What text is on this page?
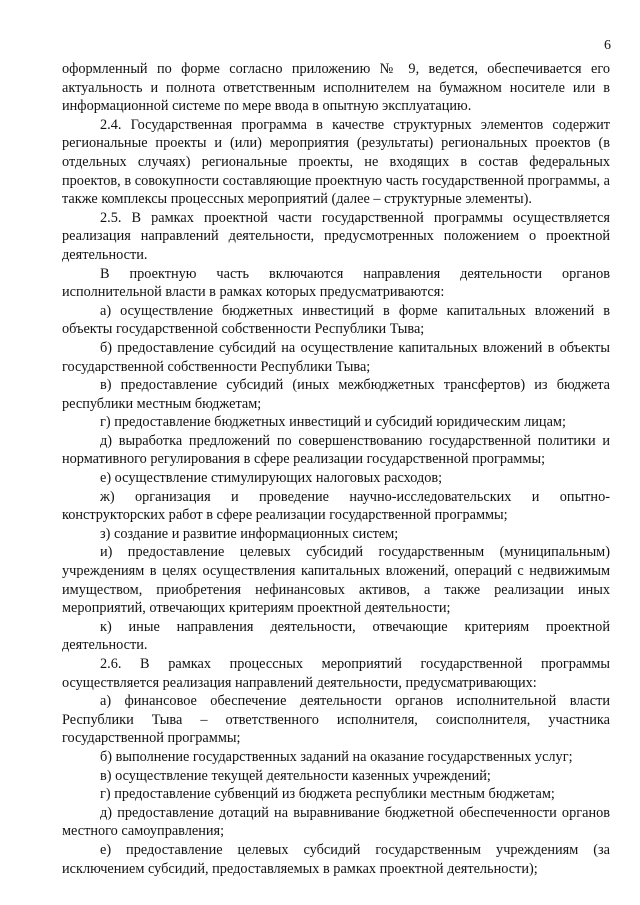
6

оформленный по форме согласно приложению № 9, ведется, обеспечивается его актуальность и полнота ответственным исполнителем на бумажном носителе или в информационной системе по мере ввода в опытную эксплуатацию.

2.4. Государственная программа в качестве структурных элементов содержит региональные проекты и (или) мероприятия (результаты) региональных проектов (в отдельных случаях) региональные проекты, не входящих в состав федеральных проектов, в совокупности составляющие проектную часть государственной программы, а также комплексы процессных мероприятий (далее – структурные элементы).

2.5. В рамках проектной части государственной программы осуществляется реализация направлений деятельности, предусмотренных положением о проектной деятельности.

В проектную часть включаются направления деятельности органов исполнительной власти в рамках которых предусматриваются:

а) осуществление бюджетных инвестиций в форме капитальных вложений в объекты государственной собственности Республики Тыва;

б) предоставление субсидий на осуществление капитальных вложений в объекты государственной собственности Республики Тыва;

в) предоставление субсидий (иных межбюджетных трансфертов) из бюджета республики местным бюджетам;

г) предоставление бюджетных инвестиций и субсидий юридическим лицам;

д) выработка предложений по совершенствованию государственной политики и нормативного регулирования в сфере реализации государственной программы;

е) осуществление стимулирующих налоговых расходов;

ж) организация и проведение научно-исследовательских и опытно-конструкторских работ в сфере реализации государственной программы;

з) создание и развитие информационных систем;

и) предоставление целевых субсидий государственным (муниципальным) учреждениям в целях осуществления капитальных вложений, операций с недвижимым имуществом, приобретения нефинансовых активов, а также реализации иных мероприятий, отвечающих критериям проектной деятельности;

к) иные направления деятельности, отвечающие критериям проектной деятельности.

2.6. В рамках процессных мероприятий государственной программы осуществляется реализация направлений деятельности, предусматривающих:

а) финансовое обеспечение деятельности органов исполнительной власти Республики Тыва – ответственного исполнителя, соисполнителя, участника государственной программы;

б) выполнение государственных заданий на оказание государственных услуг;

в) осуществление текущей деятельности казенных учреждений;

г) предоставление субвенций из бюджета республики местным бюджетам;

д) предоставление дотаций на выравнивание бюджетной обеспеченности органов местного самоуправления;

е) предоставление целевых субсидий государственным учреждениям (за исключением субсидий, предоставляемых в рамках проектной деятельности);
